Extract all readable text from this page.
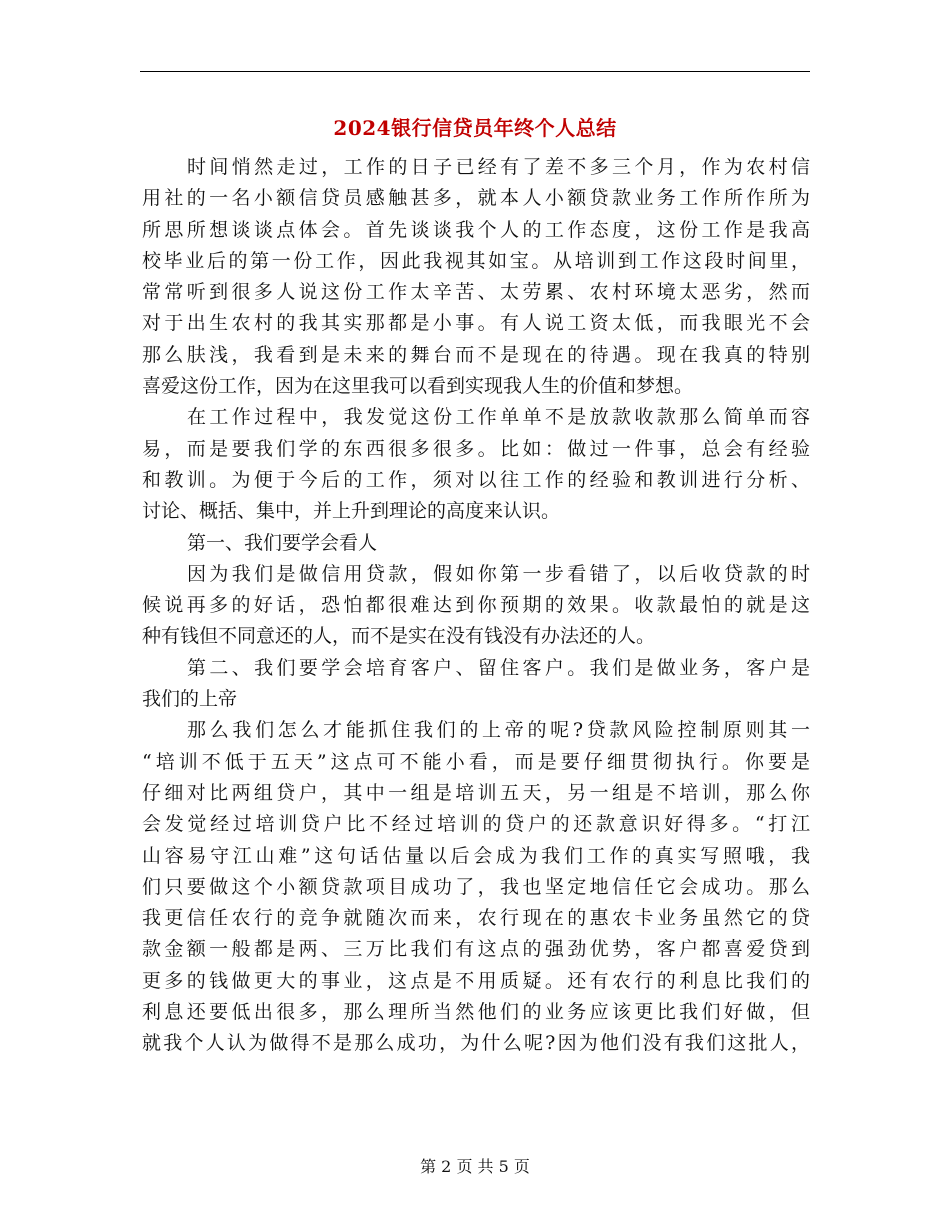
2024银行信贷员年终个人总结
时间悄然走过，工作的日子已经有了差不多三个月，作为农村信
用社的一名小额信贷员感触甚多，就本人小额贷款业务工作所作所为
所思所想谈谈点体会。首先谈谈我个人的工作态度，这份工作是我高
校毕业后的第一份工作，因此我视其如宝。从培训到工作这段时间里，
常常听到很多人说这份工作太辛苦、太劳累、农村环境太恶劣，然而
对于出生农村的我其实那都是小事。有人说工资太低，而我眼光不会
那么肤浅，我看到是未来的舞台而不是现在的待遇。现在我真的特别
喜爱这份工作，因为在这里我可以看到实现我人生的价值和梦想。
在工作过程中，我发觉这份工作单单不是放款收款那么简单而容
易，而是要我们学的东西很多很多。比如：做过一件事，总会有经验
和教训。为便于今后的工作，须对以往工作的经验和教训进行分析、
讨论、概括、集中，并上升到理论的高度来认识。
第一、我们要学会看人
因为我们是做信用贷款，假如你第一步看错了，以后收贷款的时
候说再多的好话，恐怕都很难达到你预期的效果。收款最怕的就是这
种有钱但不同意还的人，而不是实在没有钱没有办法还的人。
第二、我们要学会培育客户、留住客户。我们是做业务，客户是
我们的上帝
那么我们怎么才能抓住我们的上帝的呢?贷款风险控制原则其一
“培训不低于五天”这点可不能小看，而是要仔细贯彻执行。你要是
仔细对比两组贷户，其中一组是培训五天，另一组是不培训，那么你
会发觉经过培训贷户比不经过培训的贷户的还款意识好得多。“打江
山容易守江山难”这句话估量以后会成为我们工作的真实写照哦，我
们只要做这个小额贷款项目成功了，我也坚定地信任它会成功。那么
我更信任农行的竞争就随次而来，农行现在的惠农卡业务虽然它的贷
款金额一般都是两、三万比我们有这点的强劲优势，客户都喜爱贷到
更多的钱做更大的事业，这点是不用质疑。还有农行的利息比我们的
利息还要低出很多，那么理所当然他们的业务应该更比我们好做，但
就我个人认为做得不是那么成功，为什么呢?因为他们没有我们这批人，
第 2 页 共 5 页
